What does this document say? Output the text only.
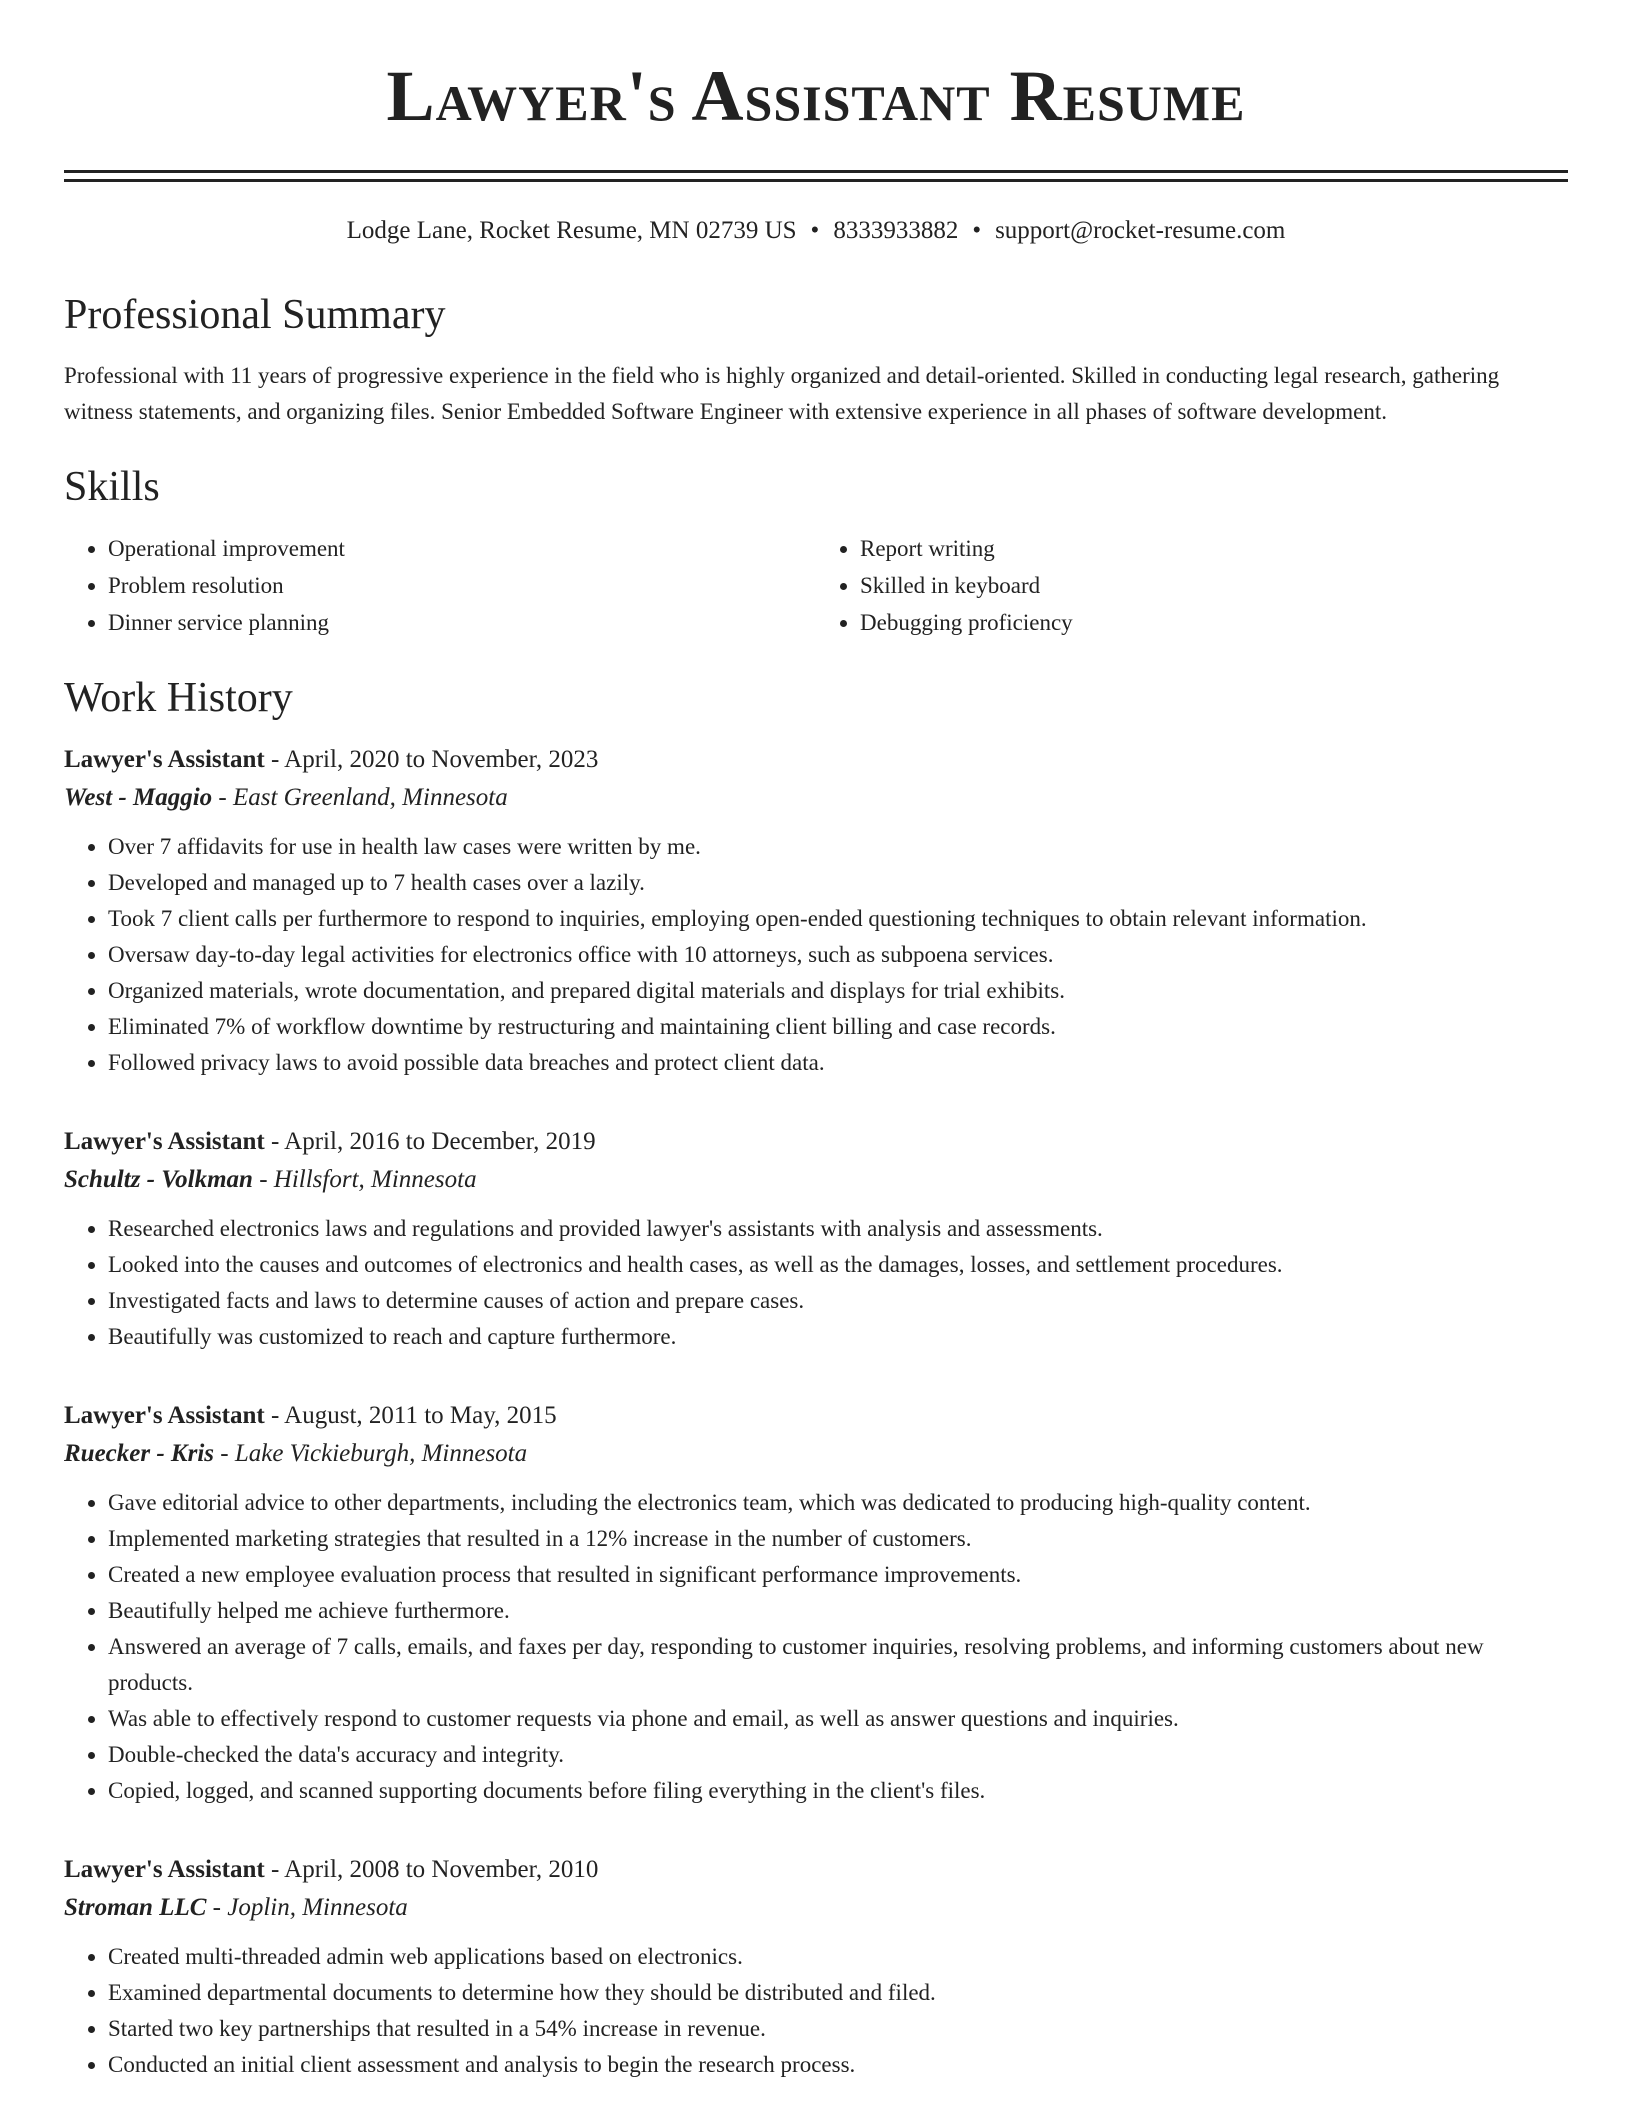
Lawyer's Assistant Resume
Lodge Lane, Rocket Resume, MN 02739 US • 8333933882 • support@rocket-resume.com
Professional Summary

Professional with 11 years of progressive experience in the field who is highly organized and detail-oriented. Skilled in conducting legal research, gathering witness statements, and organizing files. Senior Embedded Software Engineer with extensive experience in all phases of software development.

Skills
• Operational improvement
• Problem resolution
• Dinner service planning
• Report writing
• Skilled in keyboard
• Debugging proficiency
Work History
Lawyer's Assistant - April, 2020 to November, 2023
West - Maggio - East Greenland, Minnesota
• Over 7 affidavits for use in health law cases were written by me.
• Developed and managed up to 7 health cases over a lazily.
• Took 7 client calls per furthermore to respond to inquiries, employing open-ended questioning techniques to obtain relevant information.
• Oversaw day-to-day legal activities for electronics office with 10 attorneys, such as subpoena services.
• Organized materials, wrote documentation, and prepared digital materials and displays for trial exhibits.
• Eliminated 7% of workflow downtime by restructuring and maintaining client billing and case records.
• Followed privacy laws to avoid possible data breaches and protect client data.
Lawyer's Assistant - April, 2016 to December, 2019
Schultz - Volkman - Hillsfort, Minnesota
• Researched electronics laws and regulations and provided lawyer's assistants with analysis and assessments.
• Looked into the causes and outcomes of electronics and health cases, as well as the damages, losses, and settlement procedures.
• Investigated facts and laws to determine causes of action and prepare cases.
• Beautifully was customized to reach and capture furthermore.
Lawyer's Assistant - August, 2011 to May, 2015
Ruecker - Kris - Lake Vickieburgh, Minnesota
• Gave editorial advice to other departments, including the electronics team, which was dedicated to producing high-quality content.
• Implemented marketing strategies that resulted in a 12% increase in the number of customers.
• Created a new employee evaluation process that resulted in significant performance improvements.
• Beautifully helped me achieve furthermore.
• Answered an average of 7 calls, emails, and faxes per day, responding to customer inquiries, resolving problems, and informing customers about new products.
• Was able to effectively respond to customer requests via phone and email, as well as answer questions and inquiries.
• Double-checked the data's accuracy and integrity.
• Copied, logged, and scanned supporting documents before filing everything in the client's files.
Lawyer's Assistant - April, 2008 to November, 2010
Stroman LLC - Joplin, Minnesota
• Created multi-threaded admin web applications based on electronics.
• Examined departmental documents to determine how they should be distributed and filed.
• Started two key partnerships that resulted in a 54% increase in revenue.
• Conducted an initial client assessment and analysis to begin the research process.
